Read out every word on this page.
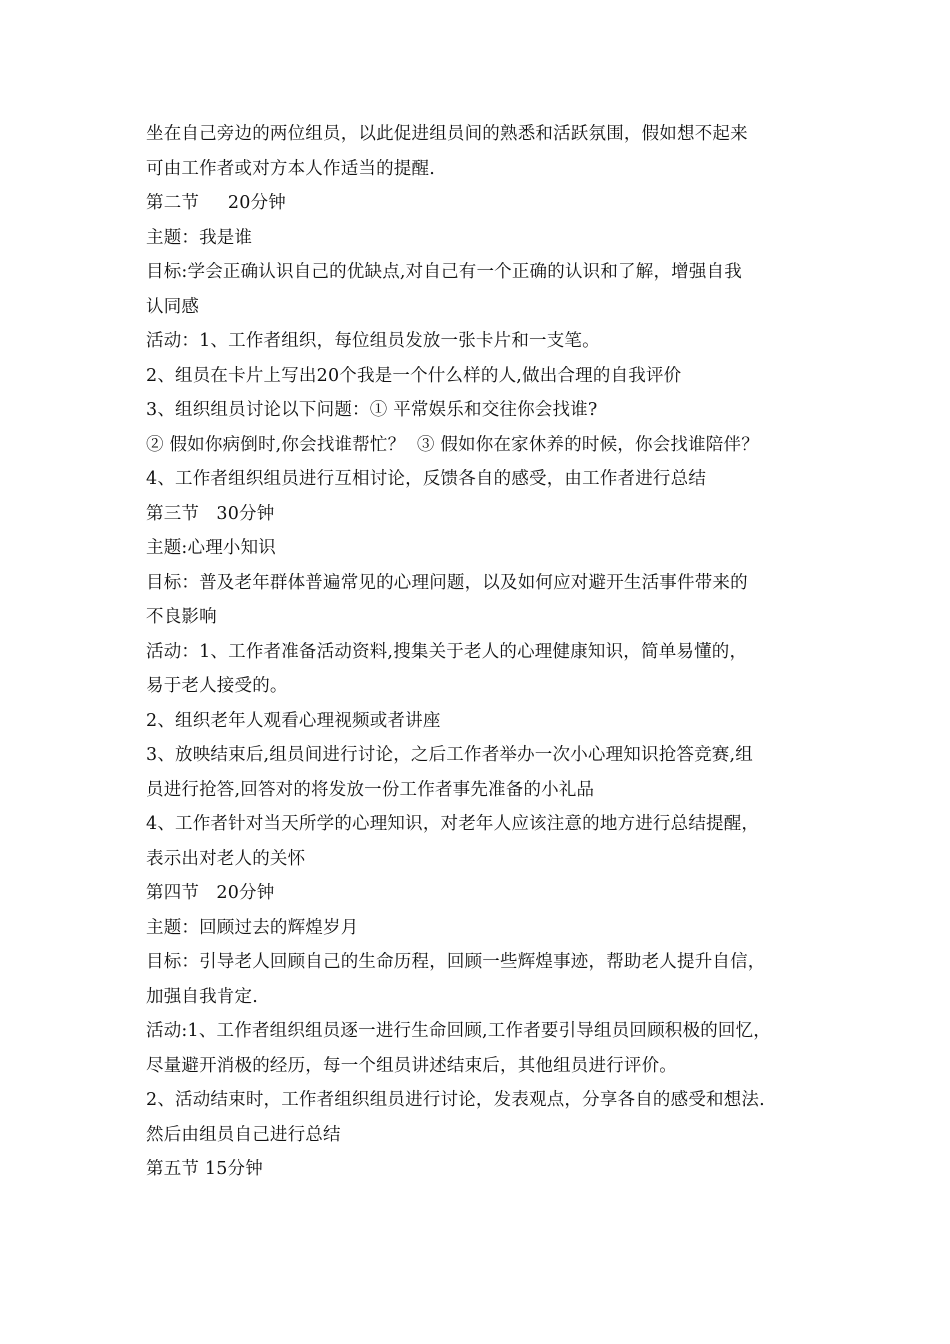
坐在自己旁边的两位组员，以此促进组员间的熟悉和活跃氛围，假如想不起来
可由工作者或对方本人作适当的提醒.
第二节     20分钟
主题：我是谁
目标:学会正确认识自己的优缺点,对自己有一个正确的认识和了解，增强自我
认同感
活动：1、工作者组织，每位组员发放一张卡片和一支笔。
2、组员在卡片上写出20个我是一个什么样的人,做出合理的自我评价
3、组织组员讨论以下问题：① 平常娱乐和交往你会找谁?
② 假如你病倒时,你会找谁帮忙？  ③ 假如你在家休养的时候，你会找谁陪伴？
4、工作者组织组员进行互相讨论，反馈各自的感受，由工作者进行总结
第三节   30分钟
主题:心理小知识
目标：普及老年群体普遍常见的心理问题，以及如何应对避开生活事件带来的
不良影响
活动：1、工作者准备活动资料,搜集关于老人的心理健康知识，简单易懂的，
易于老人接受的。
2、组织老年人观看心理视频或者讲座
3、放映结束后,组员间进行讨论，之后工作者举办一次小心理知识抢答竞赛,组
员进行抢答,回答对的将发放一份工作者事先准备的小礼品
4、工作者针对当天所学的心理知识，对老年人应该注意的地方进行总结提醒，
表示出对老人的关怀
第四节   20分钟
主题：回顾过去的辉煌岁月
目标：引导老人回顾自己的生命历程，回顾一些辉煌事迹，帮助老人提升自信，
加强自我肯定.
活动:1、工作者组织组员逐一进行生命回顾,工作者要引导组员回顾积极的回忆，
尽量避开消极的经历，每一个组员讲述结束后，其他组员进行评价。
2、活动结束时，工作者组织组员进行讨论，发表观点，分享各自的感受和想法.
然后由组员自己进行总结
第五节 15分钟
